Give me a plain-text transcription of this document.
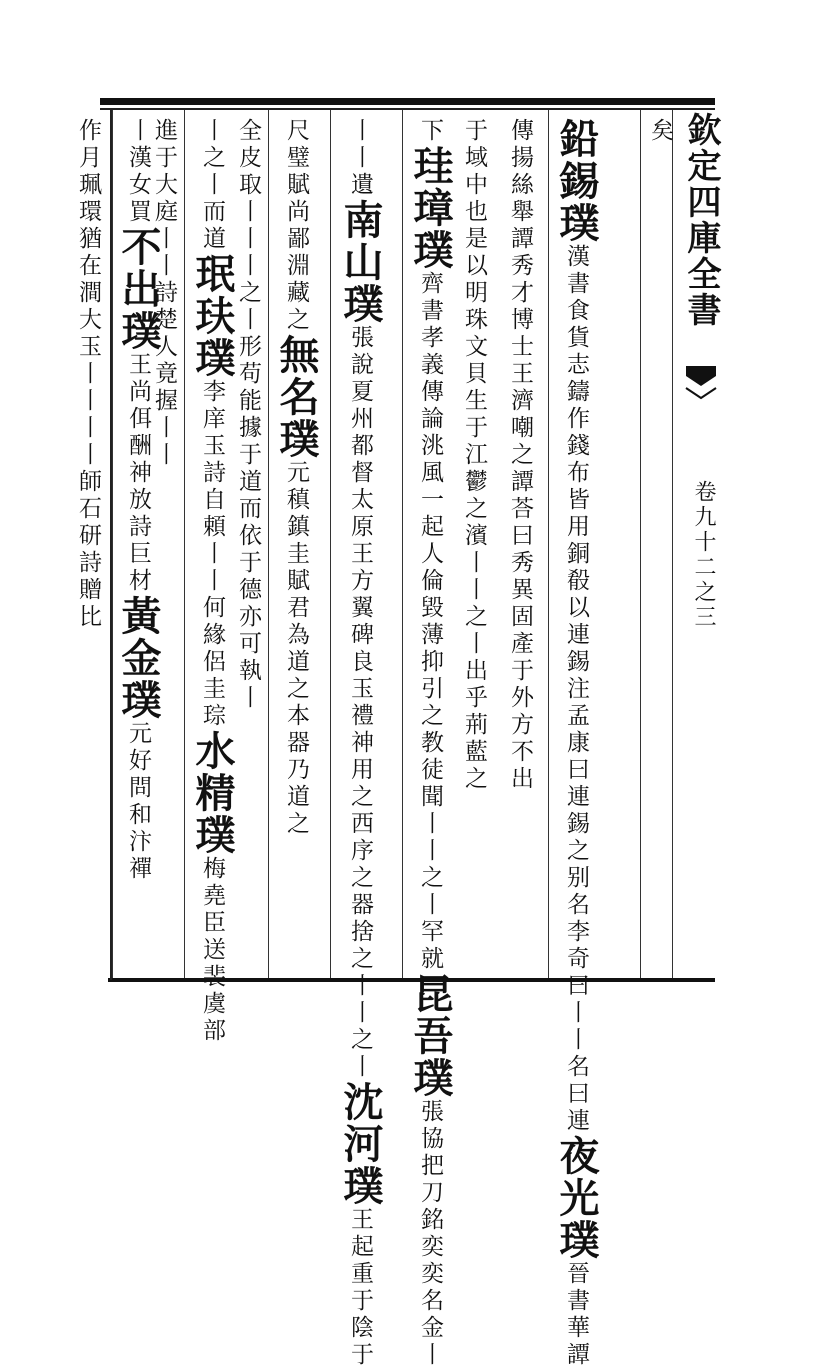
欽定四庫全書
卷九十二之三
矣
鉛錫璞漢書食貨志鑄作錢布皆用銅殽以連錫注孟康曰連錫之别名李奇曰丨丨名曰連夜光璞晉書華譚
傳揚絲舉譚秀才博士王濟嘲之譚荅曰秀異固產于外方不出
于域中也是以明珠文貝生于江鬱之濱丨丨之丨出乎荊藍之
下珪璋璞齊書孝義傳論洮風一起人倫毀薄抑引之教徒聞丨丨之丨罕就昆吾璞張協把刀銘奕奕名金丨
丨丨遺南山璞張說夏州都督太原王方翼碑良玉禮神用之西序之器捨之丨丨之丨沈河璞王起重于陰于
尺璧賦尚鄙淵藏之無名璞元稹鎮圭賦君為道之本器乃道之
全皮取丨丨丨之丨形苟能據于道而依于德亦可執丨
丨之丨而道珉玞璞李庠玉詩自頼丨丨何緣侶圭琮水精璞梅堯臣送裴虞部
進于大庭丨丨詩楚人竟握丨丨
丨漢女買不出璞王尚佴酬神放詩巨材黃金璞元好問和汴禪
作月珮環猶在澗大玉丨丨丨丨師石研詩贈比
